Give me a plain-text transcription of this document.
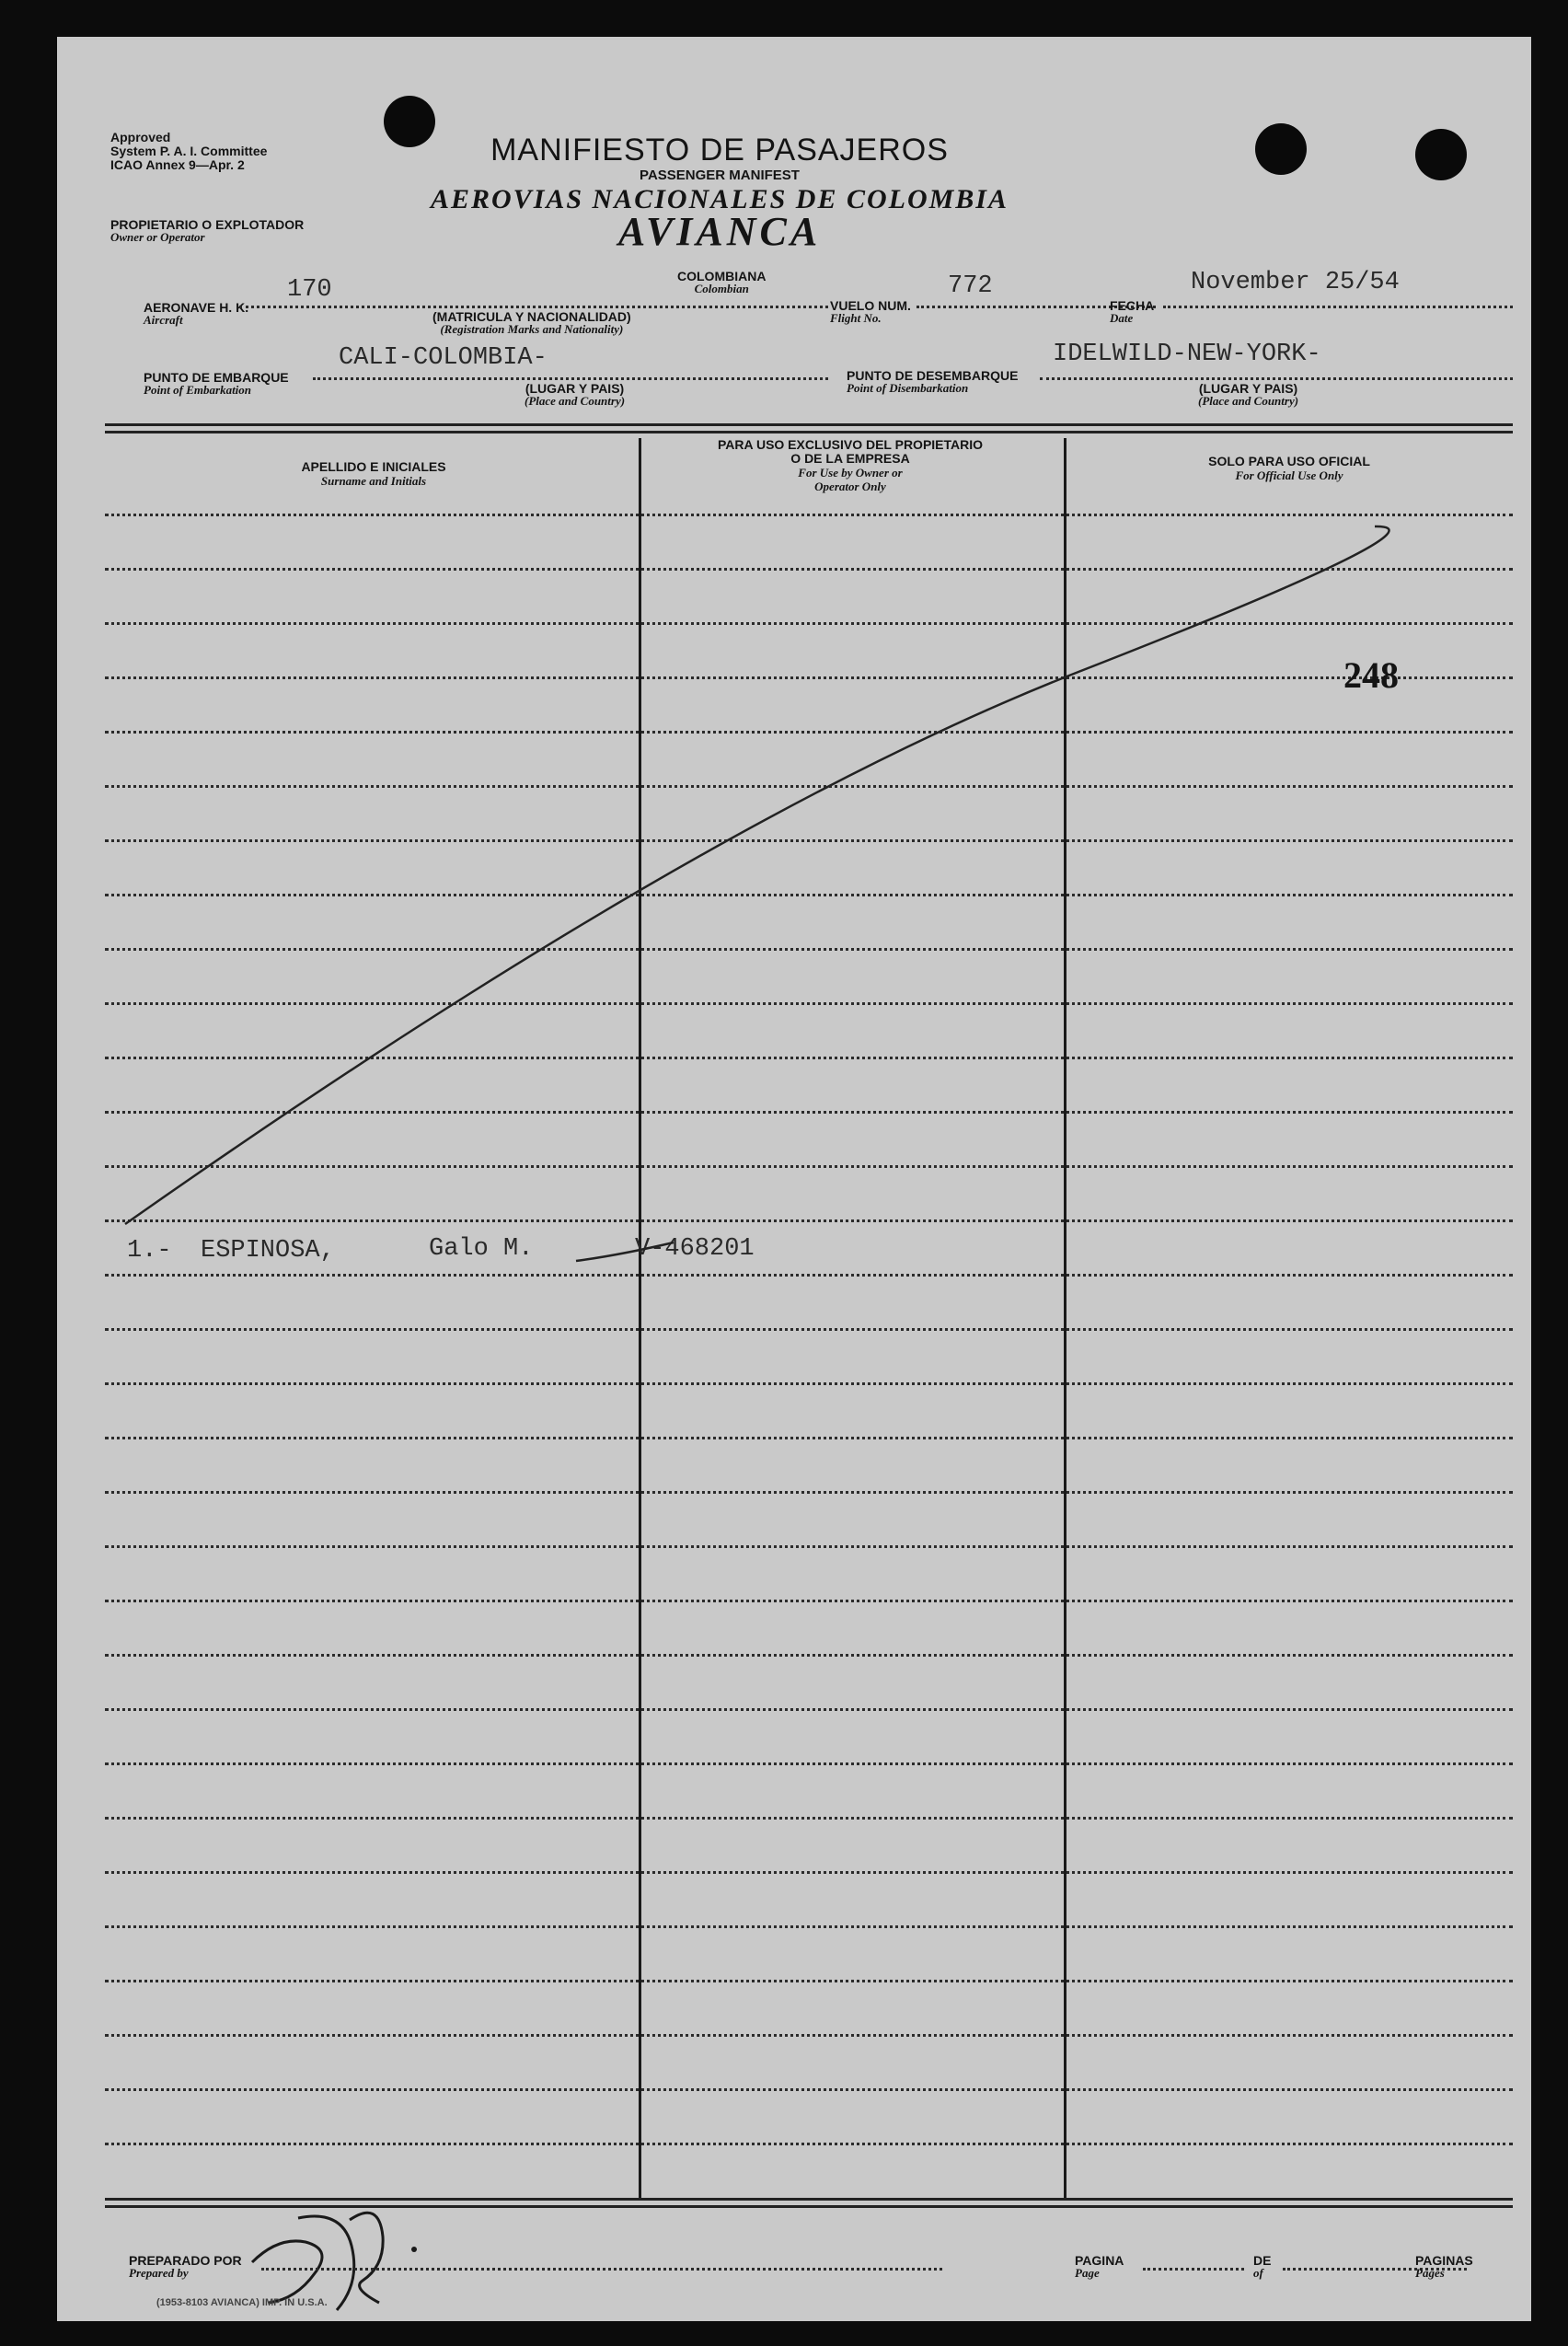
Approved
System P. A. I. Committee
ICAO Annex 9—Apr. 2	MANIFIESTO DE PASAJEROS
PASSENGER MANIFEST
AEROVIAS NACIONALES DE COLOMBIA
AVIANCA
PROPIETARIO O EXPLOTADOR
Owner or Operator
AERONAVE H. K.
Aircraft
170	COLOMBIANA
Colombian
(MATRICULA Y NACIONALIDAD)
(Registration Marks and Nationality)
VUELO NUM.
Flight No.
772
FECHA
Date
November 25/54
PUNTO DE EMBARQUE
Point of Embarkation
CALI-COLOMBIA-
(LUGAR Y PAIS)
(Place and Country)
PUNTO DE DESEMBARQUE
Point of Disembarkation
IDELWILD-NEW-YORK-
(LUGAR Y PAIS)
(Place and Country)
APELLIDO E INICIALES
Surname and Initials
PARA USO EXCLUSIVO DEL PROPIETARIO
O DE LA EMPRESA
For Use by Owner or
Operator Only
SOLO PARA USO OFICIAL
For Official Use Only
248
1.- ESPINOSA,	Galo M.	V-468201
PREPARADO POR
Prepared by
PAGINA
Page
DE
of
PAGINAS
Pages
(1953-8103 AVIANCA) IMP. IN U.S.A.
